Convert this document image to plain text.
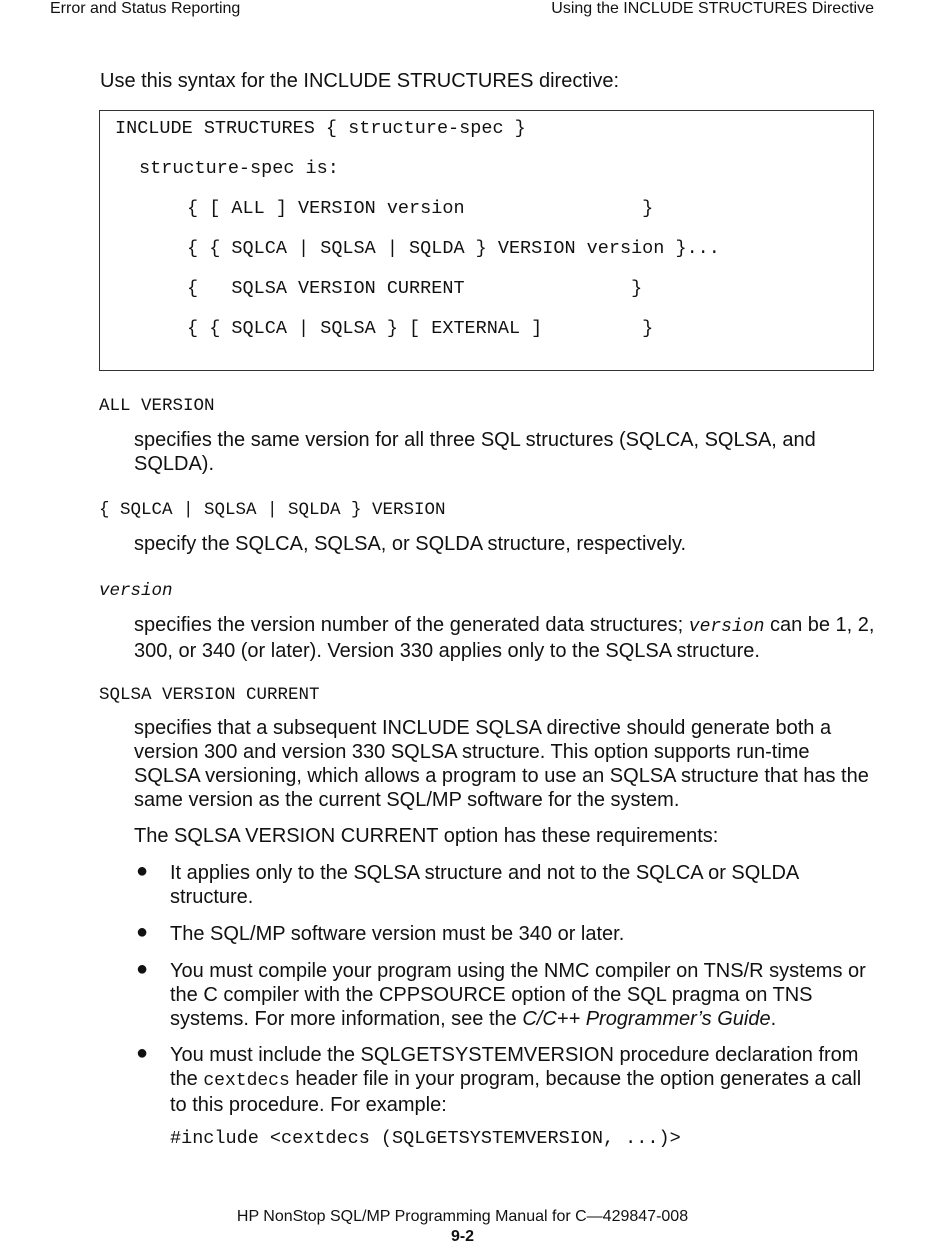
Error and Status Reporting	Using the INCLUDE STRUCTURES Directive
Use this syntax for the INCLUDE STRUCTURES directive:
INCLUDE STRUCTURES { structure-spec }
structure-spec is:
{ [ ALL ] VERSION version                }
{ { SQLCA | SQLSA | SQLDA } VERSION version }...
{   SQLSA VERSION CURRENT               }
{ { SQLCA | SQLSA } [ EXTERNAL ]         }
ALL VERSION
specifies the same version for all three SQL structures (SQLCA, SQLSA, and SQLDA).
{ SQLCA | SQLSA | SQLDA } VERSION
specify the SQLCA, SQLSA, or SQLDA structure, respectively.
version
specifies the version number of the generated data structures; version can be 1, 2, 300, or 340 (or later). Version 330 applies only to the SQLSA structure.
SQLSA VERSION CURRENT
specifies that a subsequent INCLUDE SQLSA directive should generate both a version 300 and version 330 SQLSA structure. This option supports run-time SQLSA versioning, which allows a program to use an SQLSA structure that has the same version as the current SQL/MP software for the system.
The SQLSA VERSION CURRENT option has these requirements:
● It applies only to the SQLSA structure and not to the SQLCA or SQLDA structure.
● The SQL/MP software version must be 340 or later.
● You must compile your program using the NMC compiler on TNS/R systems or the C compiler with the CPPSOURCE option of the SQL pragma on TNS systems. For more information, see the C/C++ Programmer’s Guide.
● You must include the SQLGETSYSTEMVERSION procedure declaration from the cextdecs header file in your program, because the option generates a call to this procedure. For example:
#include <cextdecs (SQLGETSYSTEMVERSION, ...)>
HP NonStop SQL/MP Programming Manual for C—429847-008
9-2
